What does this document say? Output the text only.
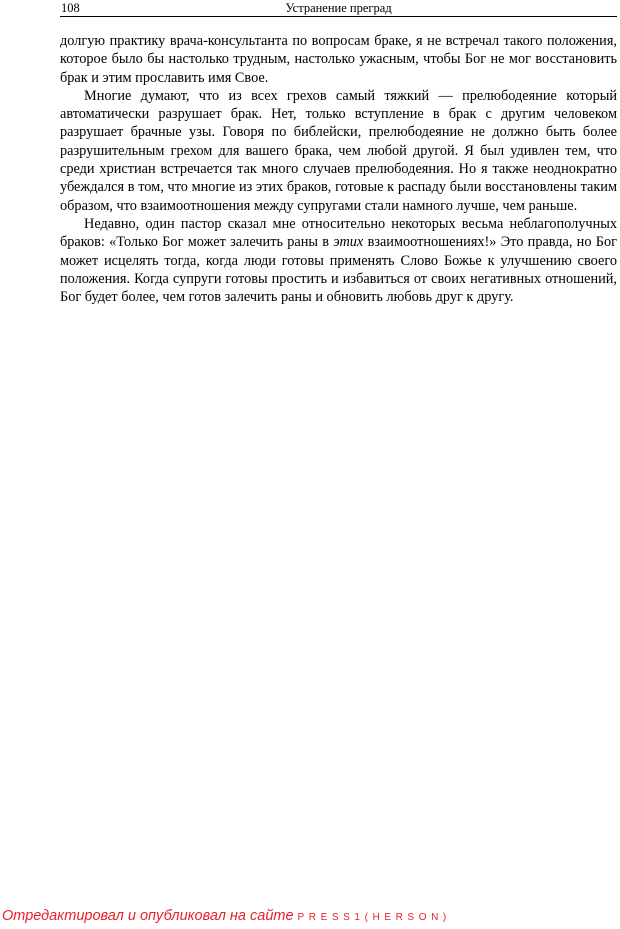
108	Устранение преград

долгую практику врача-консультанта по вопросам браке, я не встречал такого положения, которое было бы настолько трудным, настолько ужасным, чтобы Бог не мог восстановить брак и этим прославить имя Свое.

Многие думают, что из всех грехов самый тяжкий — прелюбодеяние который автоматически разрушает брак. Нет, только вступление в брак с другим человеком разрушает брачные узы. Говоря по библейски, прелюбодеяние не должно быть более разрушительным грехом для вашего брака, чем любой другой. Я был удивлен тем, что среди христиан встречается так много случаев прелюбодеяния. Но я также неоднократно убеждался в том, что многие из этих браков, готовые к распаду были восстановлены таким образом, что взаимоотношения между супругами стали намного лучше, чем раньше.

Недавно, один пастор сказал мне относительно некоторых весьма неблагополучных браков: «Только Бог может залечить раны в этих взаимоотношениях!» Это правда, но Бог может исцелять тогда, когда люди готовы применять Слово Божье к улучшению своего положения. Когда супруги готовы простить и избавиться от своих негативных отношений, Бог будет более, чем готов залечить раны и обновить любовь друг к другу.

Отредактировал и опубликовал на сайте PRESS1(HERSON)
